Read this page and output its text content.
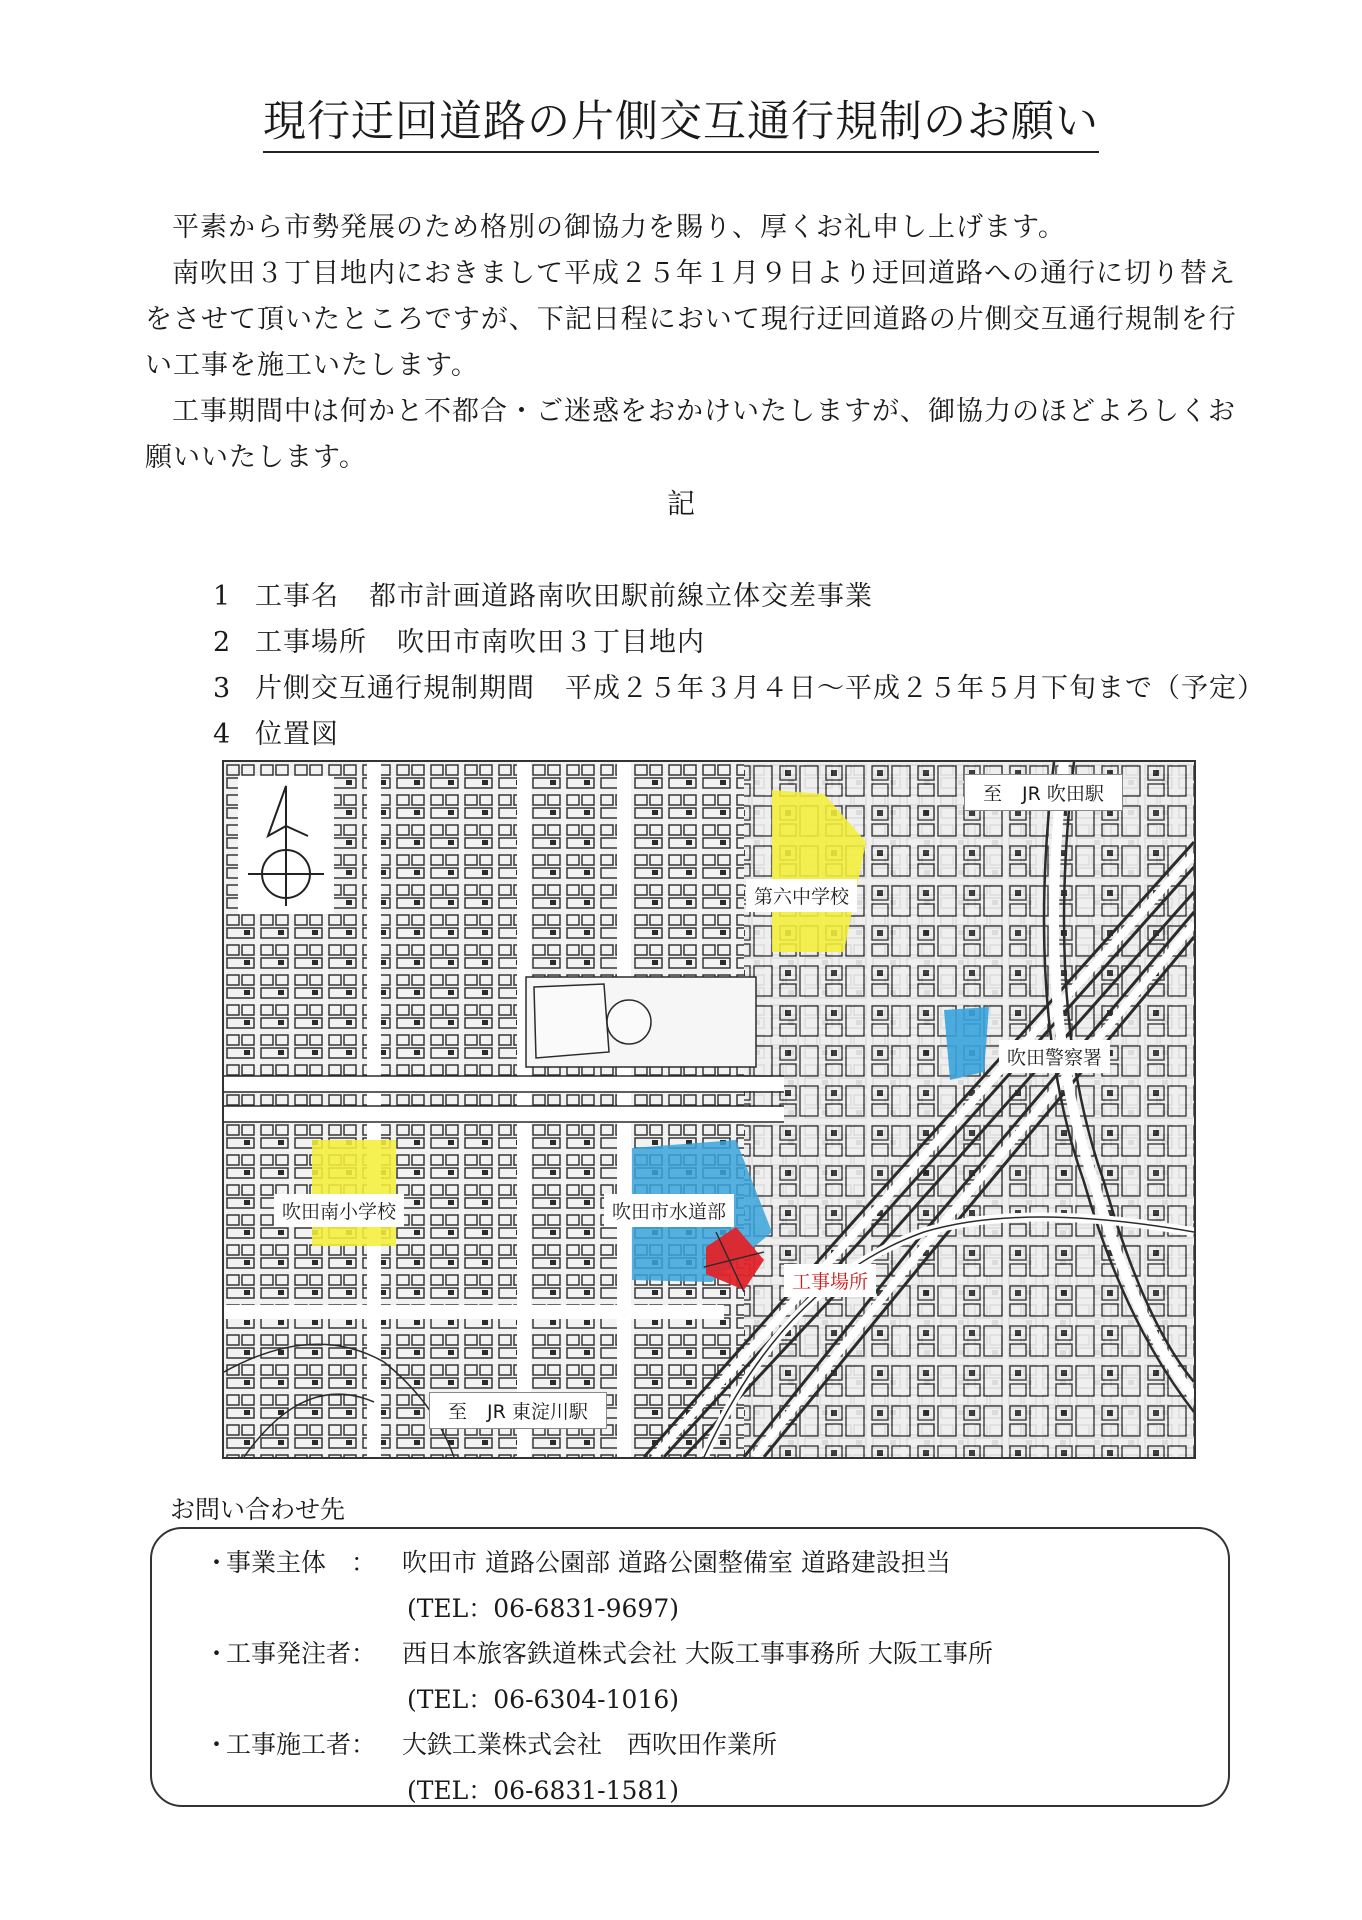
現行迂回道路の片側交互通行規制のお願い
平素から市勢発展のため格別の御協力を賜り、厚くお礼申し上げます。
南吹田３丁目地内におきまして平成２５年１月９日より迂回道路への通行に切り替えをさせて頂いたところですが、下記日程において現行迂回道路の片側交互通行規制を行い工事を施工いたします。
工事期間中は何かと不都合・ご迷惑をおかけいたしますが、御協力のほどよろしくお願いいたします。
記
1 工事名 都市計画道路南吹田駅前線立体交差事業
2 工事場所 吹田市南吹田３丁目地内
3 片側交互通行規制期間 平成２５年３月４日～平成２５年５月下旬まで（予定）
4 位置図
至 JR 吹田駅
至 JR 東淀川駅
第六中学校
吹田警察署
吹田南小学校	吹田市水道部
工事場所
お問い合わせ先
・事業主体　： 吹田市 道路公園部 道路公園整備室 道路建設担当
(TEL：06-6831-9697)
・工事発注者： 西日本旅客鉄道株式会社 大阪工事事務所 大阪工事所
(TEL：06-6304-1016)
・工事施工者： 大鉄工業株式会社　西吹田作業所
(TEL：06-6831-1581)
